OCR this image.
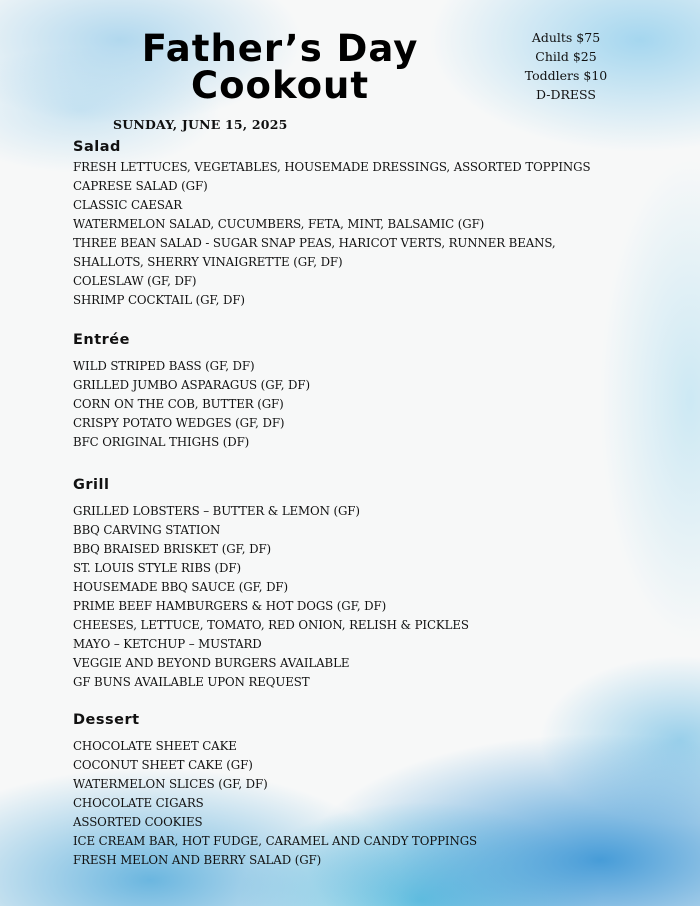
Father’s Day
Cookout
SUNDAY, JUNE 15, 2025
Adults $75
Child $25
Toddlers $10
D-DRESS
Salad
FRESH LETTUCES, VEGETABLES, HOUSEMADE DRESSINGS, ASSORTED TOPPINGS
CAPRESE SALAD (GF)
CLASSIC CAESAR
WATERMELON SALAD, CUCUMBERS, FETA, MINT, BALSAMIC (GF)
THREE BEAN SALAD - SUGAR SNAP PEAS, HARICOT VERTS, RUNNER BEANS,
SHALLOTS, SHERRY VINAIGRETTE (GF, DF)
COLESLAW (GF, DF)
SHRIMP COCKTAIL (GF, DF)
Entrée
WILD STRIPED BASS (GF, DF)
GRILLED JUMBO ASPARAGUS (GF, DF)
CORN ON THE COB, BUTTER (GF)
CRISPY POTATO WEDGES (GF, DF)
BFC ORIGINAL THIGHS (DF)
Grill
GRILLED LOBSTERS – BUTTER & LEMON (GF)
BBQ CARVING STATION
BBQ BRAISED BRISKET (GF, DF)
ST. LOUIS STYLE RIBS (DF)
HOUSEMADE BBQ SAUCE (GF, DF)
PRIME BEEF HAMBURGERS & HOT DOGS (GF, DF)
CHEESES, LETTUCE, TOMATO, RED ONION, RELISH & PICKLES
MAYO – KETCHUP – MUSTARD
VEGGIE AND BEYOND BURGERS AVAILABLE
GF BUNS AVAILABLE UPON REQUEST
Dessert
CHOCOLATE SHEET CAKE
COCONUT SHEET CAKE (GF)
WATERMELON SLICES (GF, DF)
CHOCOLATE CIGARS
ASSORTED COOKIES
ICE CREAM BAR, HOT FUDGE, CARAMEL AND CANDY TOPPINGS
FRESH MELON AND BERRY SALAD (GF)
